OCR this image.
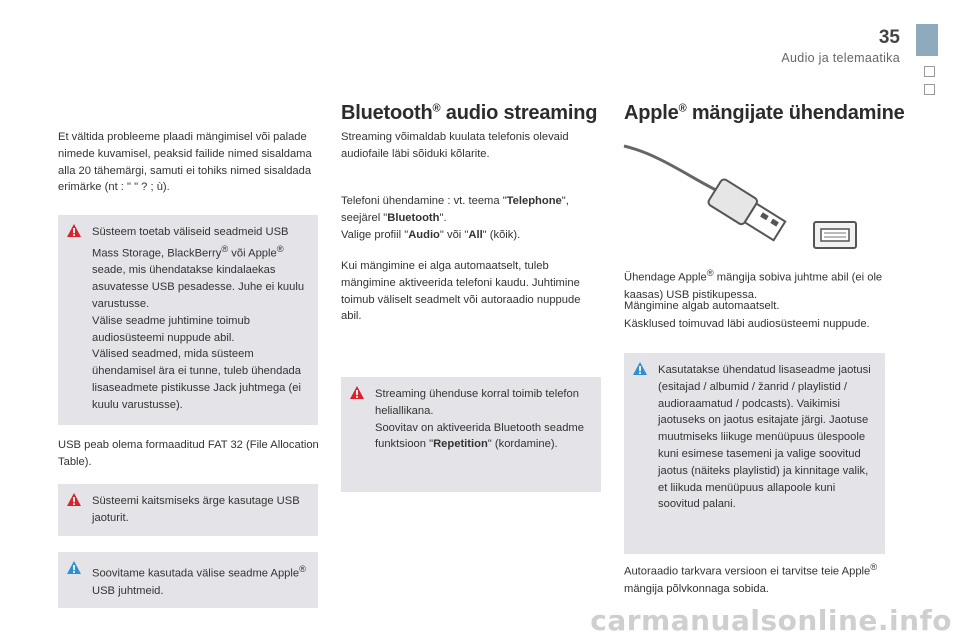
35
Audio ja telemaatika

Et vältida probleeme plaadi mängimisel või palade nimede kuvamisel, peaksid failide nimed sisaldama alla 20 tähemärgi, samuti ei tohiks nimed sisaldada erimärke (nt : " " ? ; ù).

Süsteem toetab väliseid seadmeid USB Mass Storage, BlackBerry® või Apple® seade, mis ühendatakse kindalaekas asuvatesse USB pesadesse. Juhe ei kuulu varustusse.

Välise seadme juhtimine toimub audiosüsteemi nuppude abil.

Välised seadmed, mida süsteem ühendamisel ära ei tunne, tuleb ühendada lisaseadmete pistikusse Jack juhtmega (ei kuulu varustusse).

USB peab olema formaaditud FAT 32 (File Allocation Table).

Süsteemi kaitsmiseks ärge kasutage USB jaoturit.

Soovitame kasutada välise seadme Apple® USB juhtmeid.

Bluetooth® audio streaming

Streaming võimaldab kuulata telefonis olevaid audiofaile läbi sõiduki kõlarite.

Telefoni ühendamine : vt. teema "Telephone", seejärel "Bluetooth".
Valige profiil "Audio" või "All" (kõik).

Kui mängimine ei alga automaatselt, tuleb mängimine aktiveerida telefoni kaudu. Juhtimine toimub väliselt seadmelt või autoraadio nuppude abil.

Streaming ühenduse korral toimib telefon heliallikana.

Soovitav on aktiveerida Bluetooth seadme funktsioon "Repetition" (kordamine).

Apple® mängijate ühendamine

Ühendage Apple® mängija sobiva juhtme abil (ei ole kaasas) USB pistikupessa.

Mängimine algab automaatselt.

Käsklused toimuvad läbi audiosüsteemi nuppude.

Kasutatakse ühendatud lisaseadme jaotusi (esitajad / albumid / žanrid / playlistid / audioraamatud / podcasts). Vaikimisi jaotuseks on jaotus esitajate järgi. Jaotuse muutmiseks liikuge menüüpuus ülespoole kuni esimese tasemeni ja valige soovitud jaotus (näiteks playlistid) ja kinnitage valik, et liikuda menüüpuus allapoole kuni soovitud palani.

Autoraadio tarkvara versioon ei tarvitse teie Apple® mängija põlvkonnaga sobida.

carmanualsonline.info
